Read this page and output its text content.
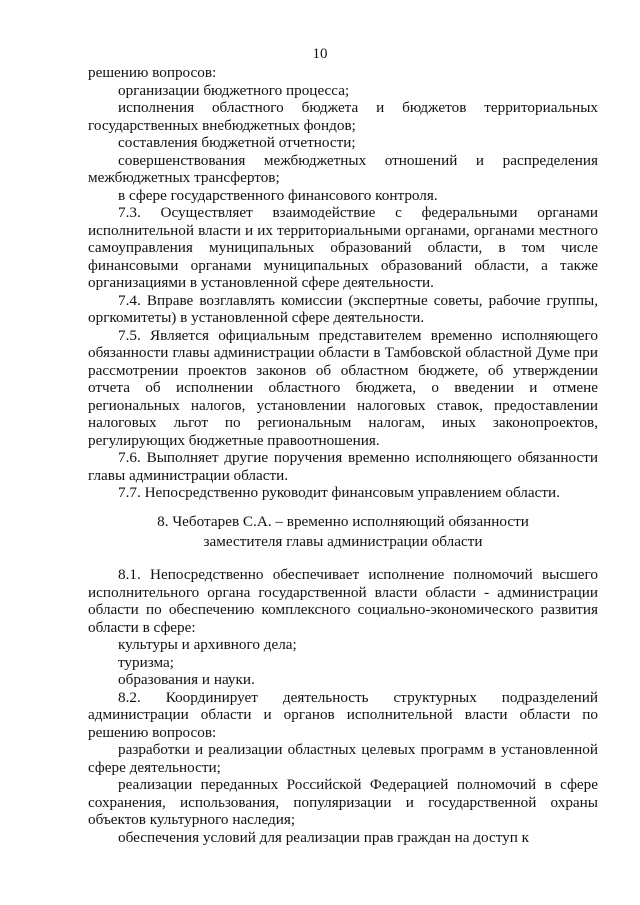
10

решению вопросов:

организации бюджетного процесса;

исполнения областного бюджета и бюджетов территориальных государственных внебюджетных фондов;

составления бюджетной отчетности;

совершенствования межбюджетных отношений и распределения межбюджетных трансфертов;

в сфере государственного финансового контроля.

7.3. Осуществляет взаимодействие с федеральными органами исполнительной власти и их территориальными органами, органами местного самоуправления муниципальных образований области, в том числе финансовыми органами муниципальных образований области, а также организациями в установленной сфере деятельности.

7.4. Вправе возглавлять комиссии (экспертные советы, рабочие группы, оргкомитеты) в установленной сфере деятельности.

7.5. Является официальным представителем временно исполняющего обязанности главы администрации области в Тамбовской областной Думе при рассмотрении проектов законов об областном бюджете, об утверждении отчета об исполнении областного бюджета, о введении и отмене региональных налогов, установлении налоговых ставок, предоставлении налоговых льгот по региональным налогам, иных законопроектов, регулирующих бюджетные правоотношения.

7.6. Выполняет другие поручения временно исполняющего обязанности главы администрации области.

7.7. Непосредственно руководит финансовым управлением области.

8. Чеботарев С.А. – временно исполняющий обязанности

заместителя главы администрации области

8.1. Непосредственно обеспечивает исполнение полномочий высшего исполнительного органа государственной власти области - администрации области по обеспечению комплексного социально-экономического развития области в сфере:

культуры и архивного дела;

туризма;

образования и науки.

8.2. Координирует деятельность структурных подразделений администрации области и органов исполнительной власти области по решению вопросов:

разработки и реализации областных целевых программ в установленной сфере деятельности;

реализации переданных Российской Федерацией полномочий в сфере сохранения, использования, популяризации и государственной охраны объектов культурного наследия;

обеспечения условий для реализации прав граждан на доступ к
